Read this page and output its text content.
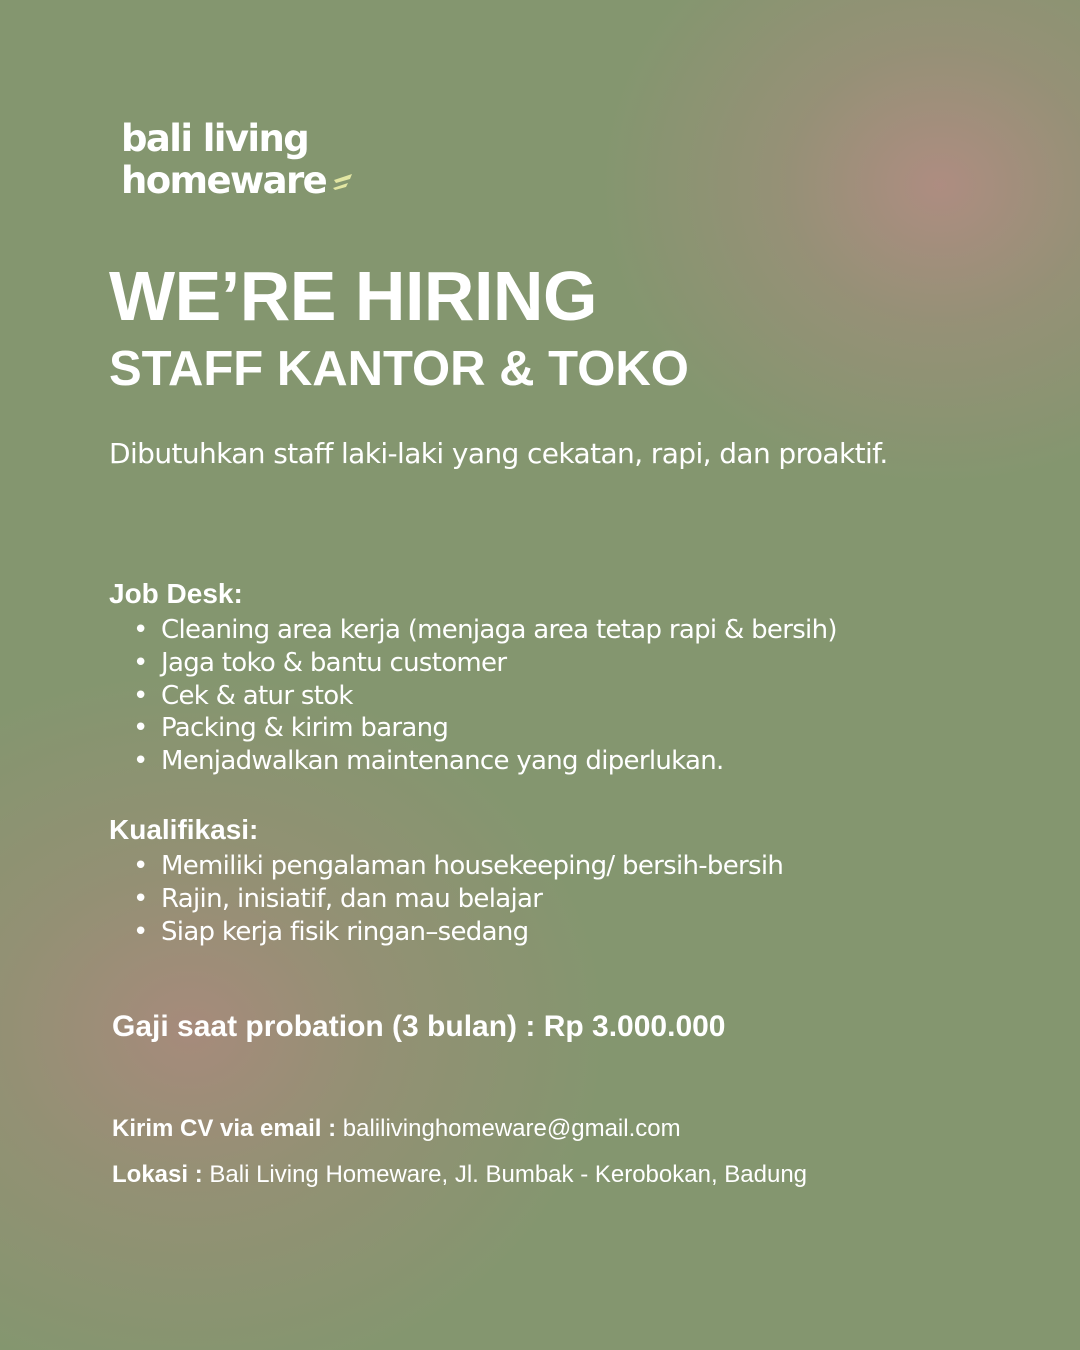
bali living
homeware
WE’RE HIRING
STAFF KANTOR & TOKO

Dibutuhkan staff laki-laki yang cekatan, rapi, dan proaktif.

Job Desk:
• Cleaning area kerja (menjaga area tetap rapi & bersih)
• Jaga toko & bantu customer
• Cek & atur stok
• Packing & kirim barang
• Menjadwalkan maintenance yang diperlukan.
Kualifikasi:
• Memiliki pengalaman housekeeping/ bersih-bersih
• Rajin, inisiatif, dan mau belajar
• Siap kerja fisik ringan–sedang

Gaji saat probation (3 bulan) : Rp 3.000.000

Kirim CV via email : balilivinghomeware@gmail.com

Lokasi : Bali Living Homeware, Jl. Bumbak - Kerobokan, Badung
